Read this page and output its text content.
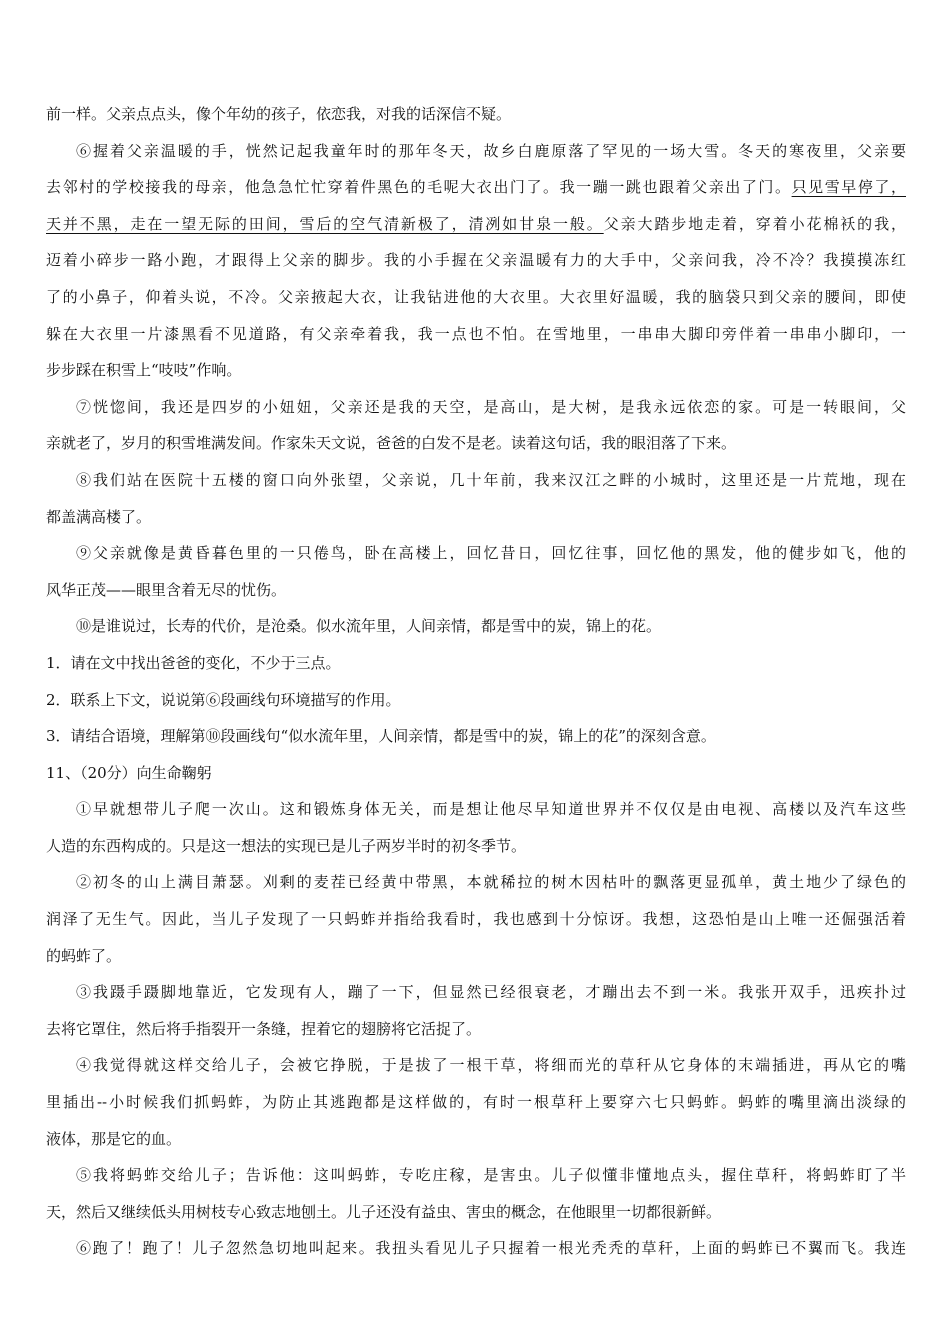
前一样。父亲点点头，像个年幼的孩子，依恋我，对我的话深信不疑。
⑥握着父亲温暖的手，恍然记起我童年时的那年冬天，故乡白鹿原落了罕见的一场大雪。冬天的寒夜里，父亲要
去邻村的学校接我的母亲，他急急忙忙穿着件黑色的毛呢大衣出门了。我一蹦一跳也跟着父亲出了门。只见雪早停了，
天并不黑，走在一望无际的田间，雪后的空气清新极了，清冽如甘泉一般。父亲大踏步地走着，穿着小花棉袄的我，
迈着小碎步一路小跑，才跟得上父亲的脚步。我的小手握在父亲温暖有力的大手中，父亲问我，冷不冷？我摸摸冻红
了的小鼻子，仰着头说，不冷。父亲掖起大衣，让我钻进他的大衣里。大衣里好温暖，我的脑袋只到父亲的腰间，即使
躲在大衣里一片漆黑看不见道路，有父亲牵着我，我一点也不怕。在雪地里，一串串大脚印旁伴着一串串小脚印，一
步步踩在积雪上“吱吱”作响。
⑦恍惚间，我还是四岁的小妞妞，父亲还是我的天空，是高山，是大树，是我永远依恋的家。可是一转眼间，父
亲就老了，岁月的积雪堆满发间。作家朱天文说，爸爸的白发不是老。读着这句话，我的眼泪落了下来。
⑧我们站在医院十五楼的窗口向外张望，父亲说，几十年前，我来汉江之畔的小城时，这里还是一片荒地，现在
都盖满高楼了。
⑨父亲就像是黄昏暮色里的一只倦鸟，卧在高楼上，回忆昔日，回忆往事，回忆他的黑发，他的健步如飞，他的
风华正茂——眼里含着无尽的忧伤。
⑩是谁说过，长寿的代价，是沧桑。似水流年里，人间亲情，都是雪中的炭，锦上的花。
1．请在文中找出爸爸的变化，不少于三点。
2．联系上下文，说说第⑥段画线句环境描写的作用。
3．请结合语境，理解第⑩段画线句“似水流年里，人间亲情，都是雪中的炭，锦上的花”的深刻含意。
11、（20分）向生命鞠躬
①早就想带儿子爬一次山。这和锻炼身体无关，而是想让他尽早知道世界并不仅仅是由电视、高楼以及汽车这些
人造的东西构成的。只是这一想法的实现已是儿子两岁半时的初冬季节。
②初冬的山上满目萧瑟。刈剩的麦茬已经黄中带黑，本就稀拉的树木因枯叶的飘落更显孤单，黄土地少了绿色的
润泽了无生气。因此，当儿子发现了一只蚂蚱并指给我看时，我也感到十分惊讶。我想，这恐怕是山上唯一还倔强活着
的蚂蚱了。
③我蹑手蹑脚地靠近，它发现有人，蹦了一下，但显然已经很衰老，才蹦出去不到一米。我张开双手，迅疾扑过
去将它罩住，然后将手指裂开一条缝，捏着它的翅膀将它活捉了。
④我觉得就这样交给儿子，会被它挣脱，于是拔了一根干草，将细而光的草秆从它身体的末端插进，再从它的嘴
里插出--小时候我们抓蚂蚱，为防止其逃跑都是这样做的，有时一根草秆上要穿六七只蚂蚱。蚂蚱的嘴里滴出淡绿的
液体，那是它的血。
⑤我将蚂蚱交给儿子；告诉他：这叫蚂蚱，专吃庄稼，是害虫。儿子似懂非懂地点头，握住草秆，将蚂蚱盯了半
天，然后又继续低头用树枝专心致志地刨土。儿子还没有益虫、害虫的概念，在他眼里一切都很新鲜。
⑥跑了！跑了！儿子忽然急切地叫起来。我扭头看见儿子只握着一根光秃秃的草秆，上面的蚂蚱已不翼而飞。我连
